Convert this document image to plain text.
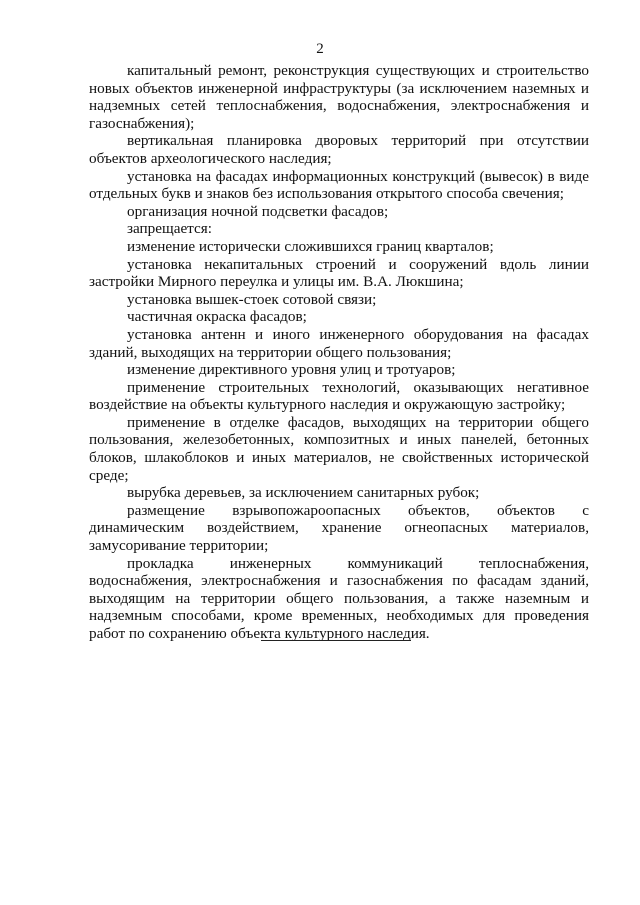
2

капитальный ремонт, реконструкция существующих и строительство новых объектов инженерной инфраструктуры (за исключением наземных и надземных сетей теплоснабжения, водоснабжения, электроснабжения и газоснабжения);

вертикальная планировка дворовых территорий при отсутствии объектов археологического наследия;

установка на фасадах информационных конструкций (вывесок) в виде отдельных букв и знаков без использования открытого способа свечения;

организация ночной подсветки фасадов;

запрещается:

изменение исторически сложившихся границ кварталов;

установка некапитальных строений и сооружений вдоль линии застройки Мирного переулка и улицы им. В.А. Люкшина;

установка вышек-стоек сотовой связи;

частичная окраска фасадов;

установка антенн и иного инженерного оборудования на фасадах зданий, выходящих на территории общего пользования;

изменение директивного уровня улиц и тротуаров;

применение строительных технологий, оказывающих негативное воздействие на объекты культурного наследия и окружающую застройку;

применение в отделке фасадов, выходящих на территории общего пользования, железобетонных, композитных и иных панелей, бетонных блоков, шлакоблоков и иных материалов, не свойственных исторической среде;

вырубка деревьев, за исключением санитарных рубок;

размещение взрывопожароопасных объектов, объектов с динамическим воздействием, хранение огнеопасных материалов, замусоривание территории;

прокладка инженерных коммуникаций теплоснабжения, водоснабжения, электроснабжения и газоснабжения по фасадам зданий, выходящим на территории общего пользования, а также наземным и надземным способами, кроме временных, необходимых для проведения работ по сохранению объекта культурного наследия.
